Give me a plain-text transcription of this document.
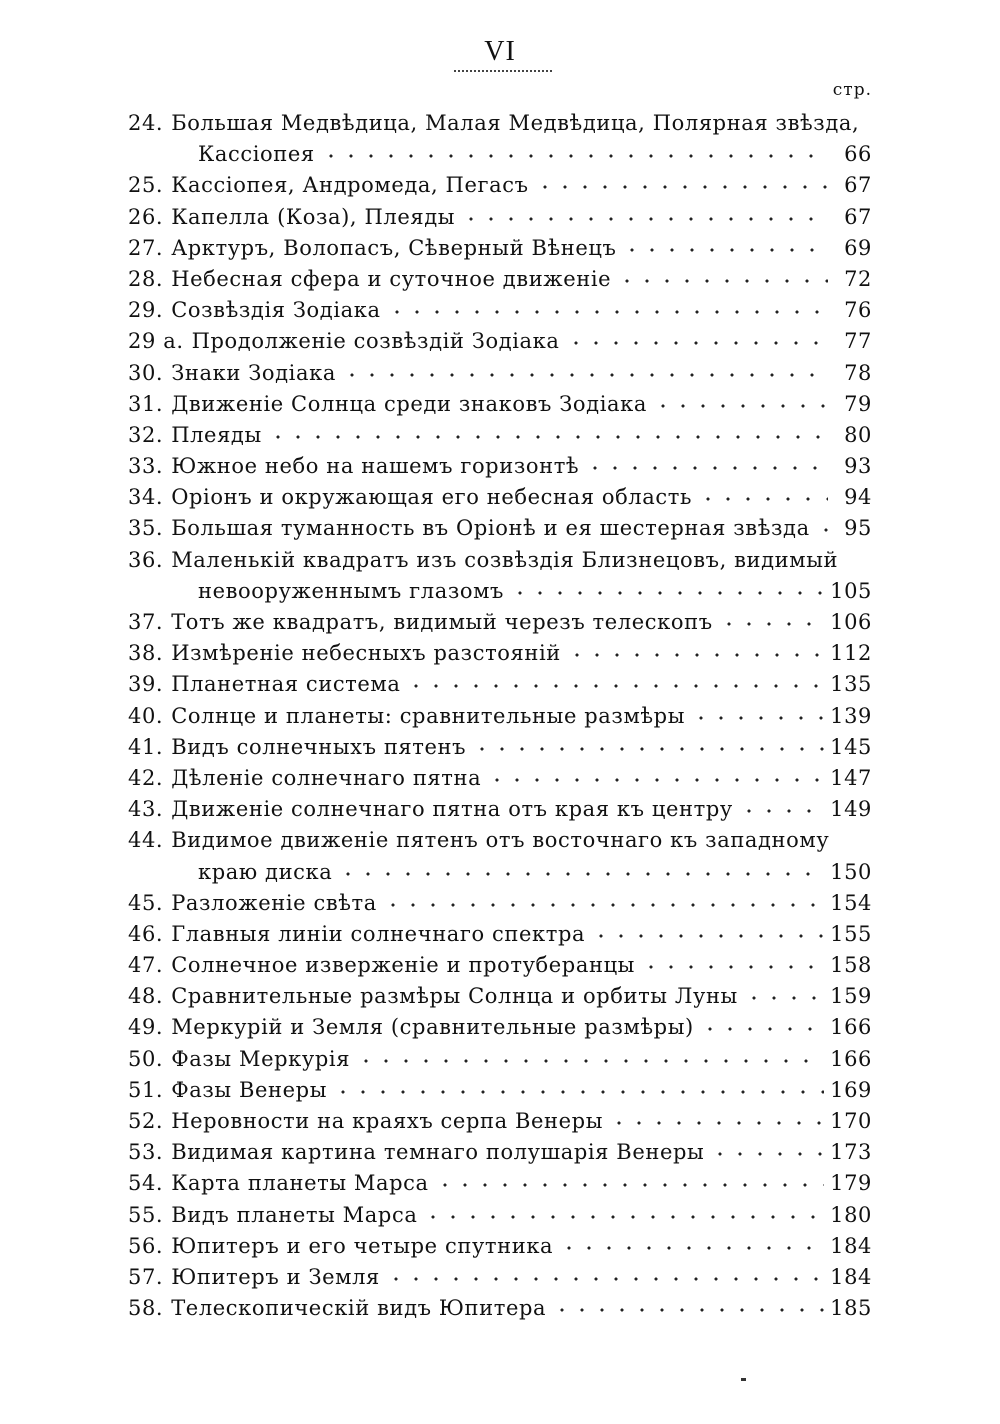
VI
стр.
24. Большая Медвѣдица, Малая Медвѣдица, Полярная звѣзда,
Кассіопея	66
25. Кассіопея, Андромеда, Пегасъ	67
26. Капелла (Коза), Плеяды	67
27. Арктуръ, Волопасъ, Сѣверный Вѣнецъ	69
28. Небесная сфера и суточное движеніе	72
29. Созвѣздія Зодіака	76
29 а. Продолженіе созвѣздій Зодіака	77
30. Знаки Зодіака	78
31. Движеніе Солнца среди знаковъ Зодіака	79
32. Плеяды	80
33. Южное небо на нашемъ горизонтѣ	93
34. Оріонъ и окружающая его небесная область	94
35. Большая туманность въ Оріонѣ и ея шестерная звѣзда	95
36. Маленькій квадратъ изъ созвѣздія Близнецовъ, видимый
невооруженнымъ глазомъ	105
37. Тотъ же квадратъ, видимый черезъ телескопъ	106
38. Измѣреніе небесныхъ разстояній	112
39. Планетная система	135
40. Солнце и планеты: сравнительные размѣры	139
41. Видъ солнечныхъ пятенъ	145
42. Дѣленіе солнечнаго пятна	147
43. Движеніе солнечнаго пятна отъ края къ центру	149
44. Видимое движеніе пятенъ отъ восточнаго къ западному
краю диска	150
45. Разложеніе свѣта	154
46. Главныя линіи солнечнаго спектра	155
47. Солнечное изверженіе и протуберанцы	158
48. Сравнительные размѣры Солнца и орбиты Луны	159
49. Меркурій и Земля (сравнительные размѣры)	166
50. Фазы Меркурія	166
51. Фазы Венеры	169
52. Неровности на краяхъ серпа Венеры	170
53. Видимая картина темнаго полушарія Венеры	173
54. Карта планеты Марса	179
55. Видъ планеты Марса	180
56. Юпитеръ и его четыре спутника	184
57. Юпитеръ и Земля	184
58. Телескопическій видъ Юпитера	185
